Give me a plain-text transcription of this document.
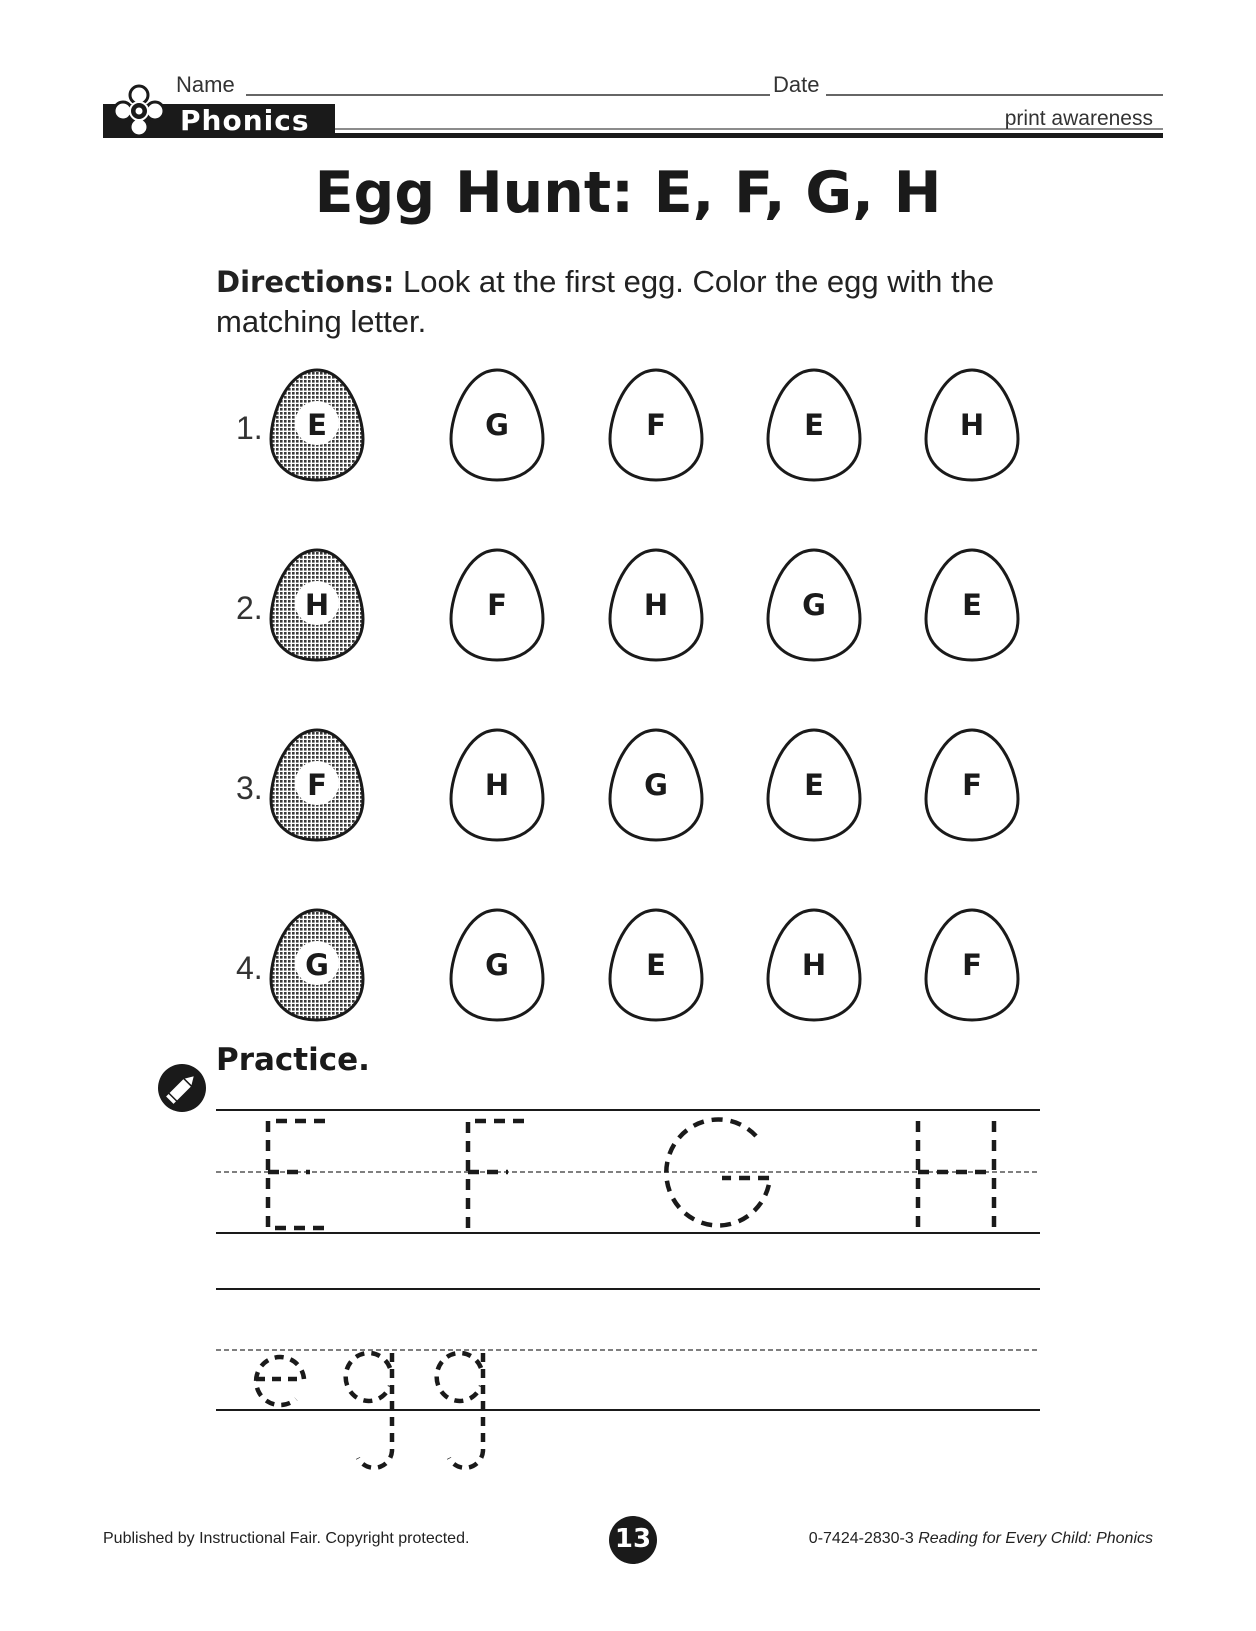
E	G	F	E	H
H	F	H	G	E
F	H	G	E	F
G	G	E	H	F
Name	Date
Phonics	print awareness
Egg Hunt: E, F, G, H
Directions: Look at the first egg. Color the egg with the matching letter.
1.
2.
3.
4.
Practice.
Published by Instructional Fair. Copyright protected.	13	0-7424-2830-3 Reading for Every Child: Phonics
